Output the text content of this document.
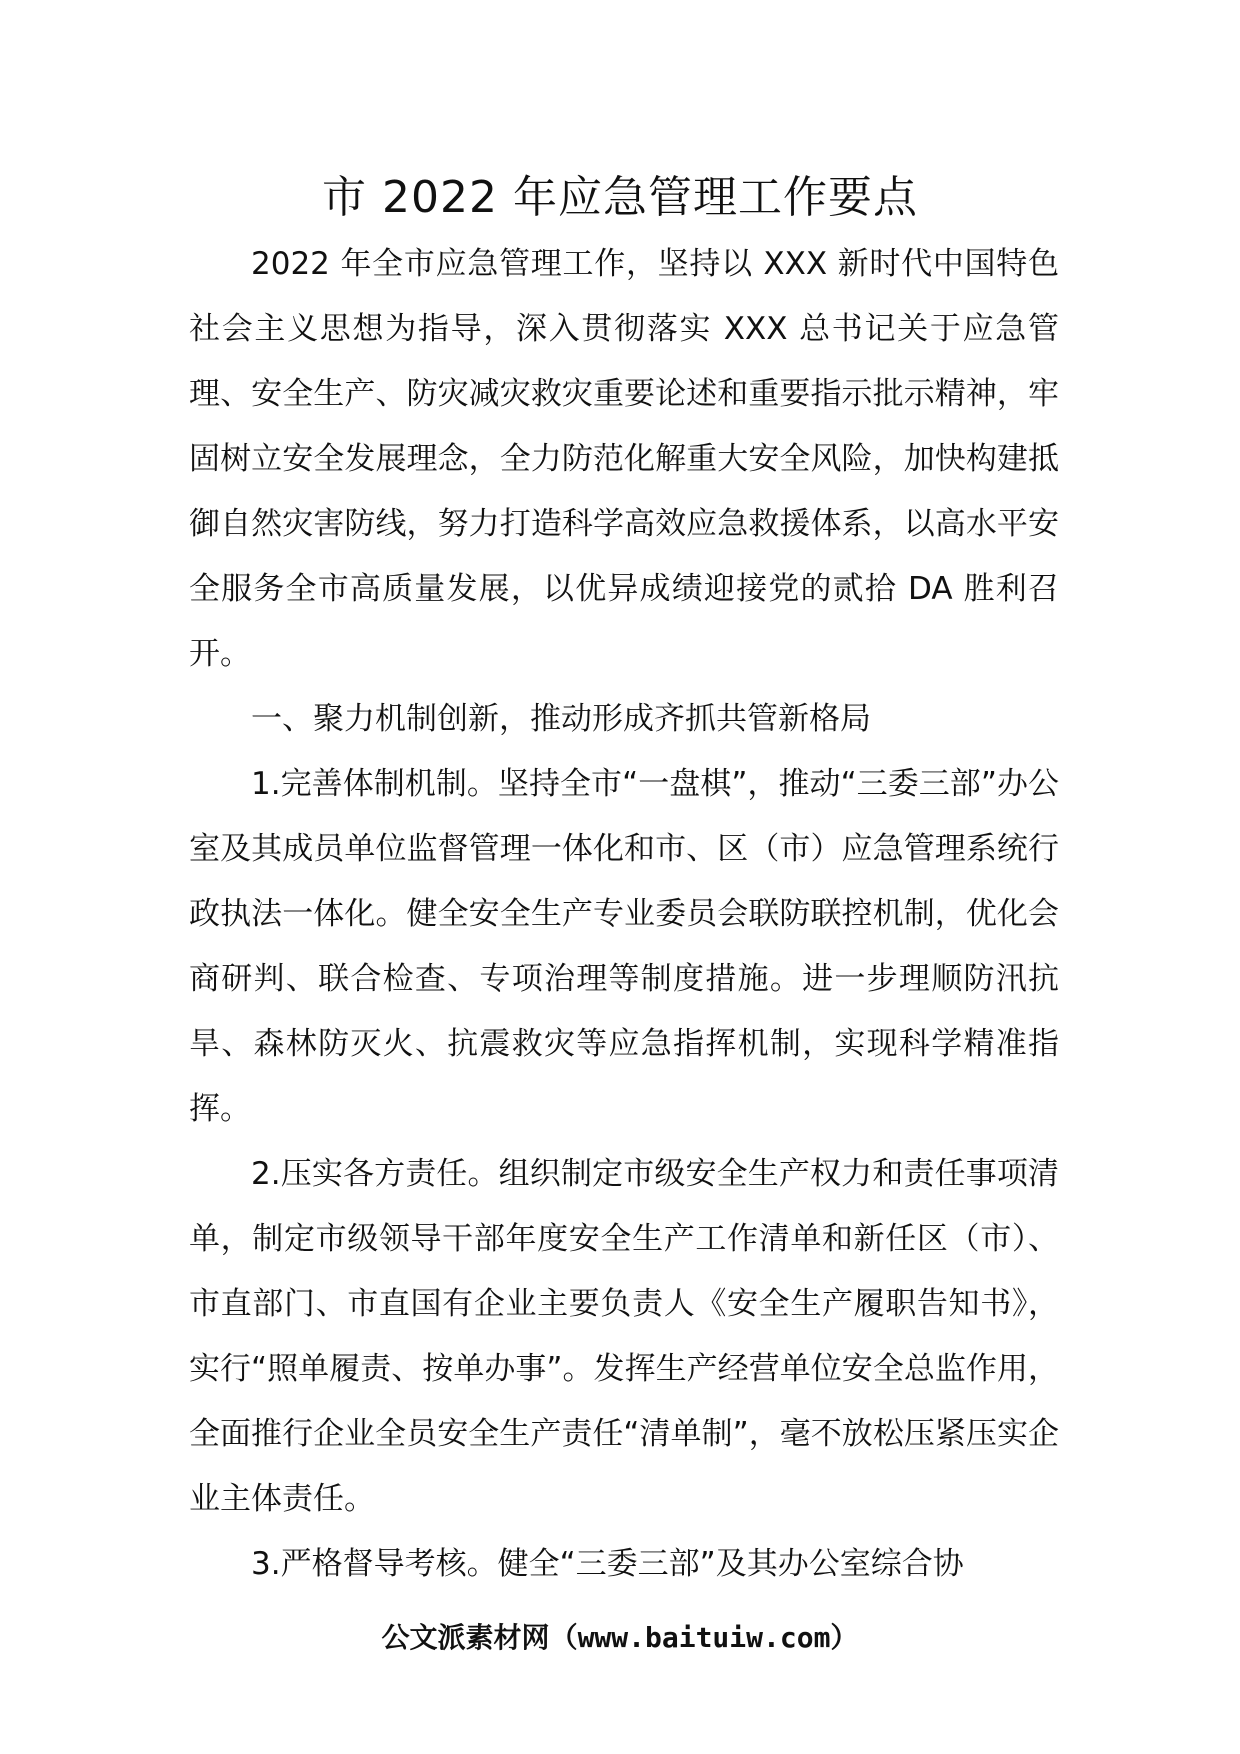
市 2022 年应急管理工作要点

2022 年全市应急管理工作，坚持以 XXX 新时代中国特色社会主义思想为指导，深入贯彻落实 XXX 总书记关于应急管理、安全生产、防灾减灾救灾重要论述和重要指示批示精神，牢固树立安全发展理念，全力防范化解重大安全风险，加快构建抵御自然灾害防线，努力打造科学高效应急救援体系，以高水平安全服务全市高质量发展，以优异成绩迎接党的贰拾 DA 胜利召开。

一、聚力机制创新，推动形成齐抓共管新格局

1.完善体制机制。坚持全市“一盘棋”，推动“三委三部”办公室及其成员单位监督管理一体化和市、区（市）应急管理系统行政执法一体化。健全安全生产专业委员会联防联控机制，优化会商研判、联合检查、专项治理等制度措施。进一步理顺防汛抗旱、森林防灭火、抗震救灾等应急指挥机制，实现科学精准指挥。

2.压实各方责任。组织制定市级安全生产权力和责任事项清单，制定市级领导干部年度安全生产工作清单和新任区（市）、市直部门、市直国有企业主要负责人《安全生产履职告知书》，实行“照单履责、按单办事”。发挥生产经营单位安全总监作用，全面推行企业全员安全生产责任“清单制”，毫不放松压紧压实企业主体责任。

3.严格督导考核。健全“三委三部”及其办公室综合协

公文派素材网（www.baituiw.com）
